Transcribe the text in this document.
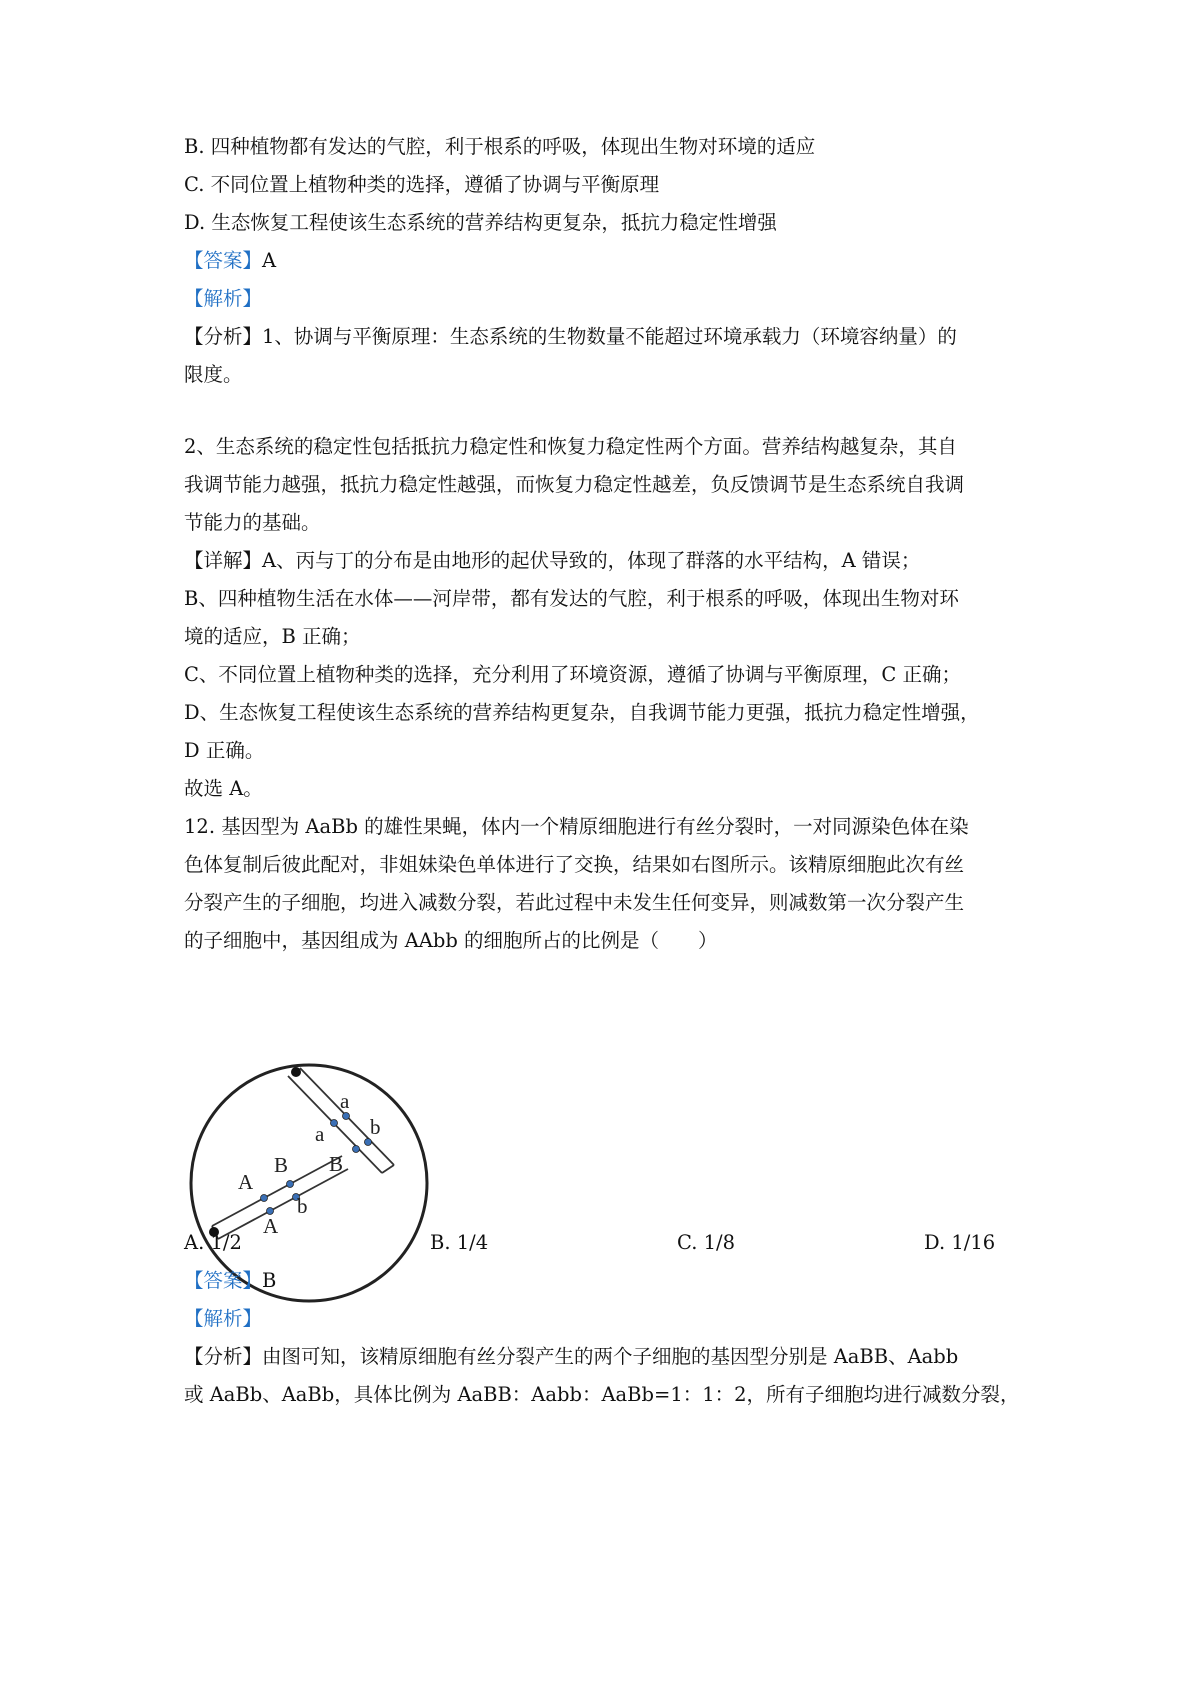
B. 四种植物都有发达的气腔，利于根系的呼吸，体现出生物对环境的适应
C. 不同位置上植物种类的选择，遵循了协调与平衡原理
D. 生态恢复工程使该生态系统的营养结构更复杂，抵抗力稳定性增强
【答案】A
【解析】
【分析】1、协调与平衡原理：生态系统的生物数量不能超过环境承载力（环境容纳量）的
限度。
2、生态系统的稳定性包括抵抗力稳定性和恢复力稳定性两个方面。营养结构越复杂，其自
我调节能力越强，抵抗力稳定性越强，而恢复力稳定性越差，负反馈调节是生态系统自我调
节能力的基础。
【详解】A、丙与丁的分布是由地形的起伏导致的，体现了群落的水平结构，A 错误；
B、四种植物生活在水体——河岸带，都有发达的气腔，利于根系的呼吸，体现出生物对环
境的适应，B 正确；
C、不同位置上植物种类的选择，充分利用了环境资源，遵循了协调与平衡原理，C 正确；
D、生态恢复工程使该生态系统的营养结构更复杂，自我调节能力更强，抵抗力稳定性增强，
D 正确。
故选 A。
12. 基因型为 AaBb 的雄性果蝇，体内一个精原细胞进行有丝分裂时，一对同源染色体在染
色体复制后彼此配对，非姐妹染色单体进行了交换，结果如右图所示。该精原细胞此次有丝
分裂产生的子细胞，均进入减数分裂，若此过程中未发生任何变异，则减数第一次分裂产生
的子细胞中，基因组成为 AAbb 的细胞所占的比例是（　　）
A
A
B
b
a
a b
B
A. 1/2	B. 1/4	C. 1/8	D. 1/16
【答案】B
【解析】
【分析】由图可知，该精原细胞有丝分裂产生的两个子细胞的基因型分别是 AaBB、Aabb
或 AaBb、AaBb，具体比例为 AaBB：Aabb：AaBb=1：1：2，所有子细胞均进行减数分裂，
